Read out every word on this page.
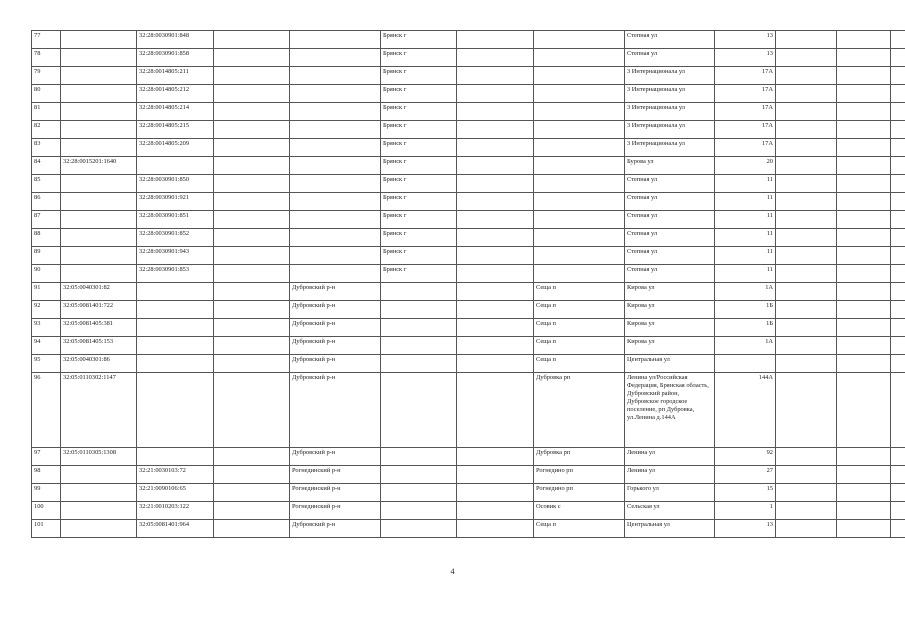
77		32:28:0030901:848			Брянск г			Степная ул	13			
78		32:28:0030901:858			Брянск г			Степная ул	13			
79		32:28:0014805:211			Брянск г			3 Интернационала ул	17А			
80		32:28:0014805:212			Брянск г			3 Интернационала ул	17А			
81		32:28:0014805:214			Брянск г			3 Интернационала ул	17А			
82		32:28:0014805:215			Брянск г			3 Интернационала ул	17А			
83		32:28:0014805:209			Брянск г			3 Интернационала ул	17А			
84	32:28:0015201:1640				Брянск г			Бурова ул	20			
85		32:28:0030901:850			Брянск г			Степная ул	11			
86		32:28:0030901:921			Брянск г			Степная ул	11			
87		32:28:0030901:851			Брянск г			Степная ул	11			
88		32:28:0030901:852			Брянск г			Степная ул	11			
89		32:28:0030901:943			Брянск г			Степная ул	11			
90		32:28:0030901:853			Брянск г			Степная ул	11			
91	32:05:0040301:82			Дубровский р-н			Сеща п	Кирова ул	1А			
92	32:05:0081401:722			Дубровский р-н			Сеща п	Кирова ул	1Б			
93	32:05:0081405:381			Дубровский р-н			Сеща п	Кирова ул	1Б			
94	32:05:0081405:153			Дубровский р-н			Сеща п	Кирова ул	1А			
95	32:05:0040301:86			Дубровский р-н			Сеща п	Центральная ул				
96	32:05:0110302:1147			Дубровский р-н			Дубровка рп	Ленина ул/Российская Федерация, Брянская область, Дубровский район, Дубровское городское поселение, рп Дубровка, ул.Ленина д.144А	144А			
97	32:05:0110305:1308			Дубровский р-н			Дубровка рп	Ленина ул	92			
98		32:21:0030103:72		Рогнединский р-н			Рогнедино рп	Ленина ул	27			
99		32:21:0090106:65		Рогнединский р-н			Рогнедино рп	Горького ул	15			
100		32:21:0010203:122		Рогнединский р-н			Осовик с	Сельская ул	1			
101		32:05:0081401:964		Дубровский р-н			Сеща п	Центральная ул	13			
4
